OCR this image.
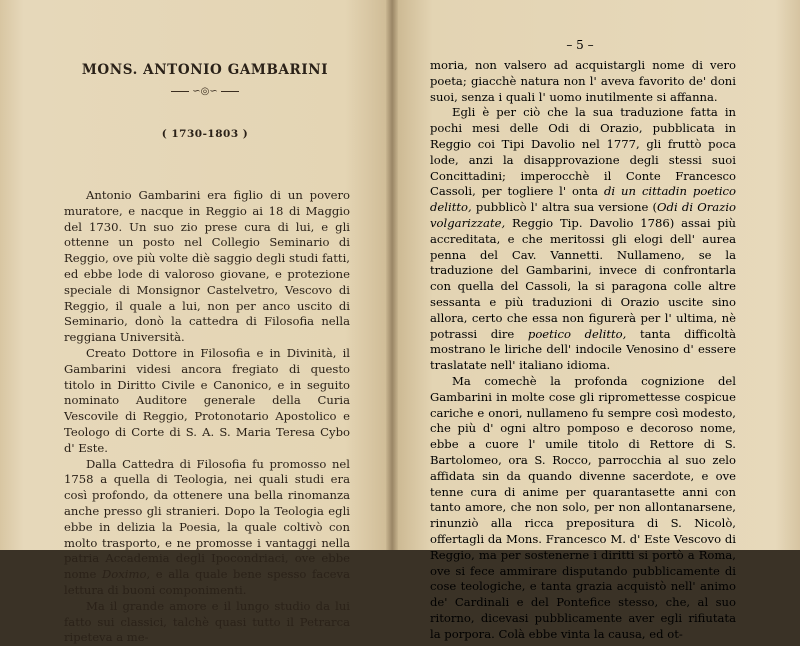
MONS. ANTONIO GAMBARINI
∽◎∽
( 1730-1803 )

Antonio Gambarini era figlio di un povero muratore, e nacque in Reggio ai 18 di Maggio del 1730. Un suo zio prese cura di lui, e gli ottenne un posto nel Collegio Seminario di Reggio, ove più volte diè saggio degli studi fatti, ed ebbe lode di valoroso giovane, e protezione speciale di Monsignor Castelvetro, Vescovo di Reggio, il quale a lui, non per anco uscito di Seminario, donò la cattedra di Filosofia nella reggiana Università.

Creato Dottore in Filosofia e in Divinità, il Gambarini videsi ancora fregiato di questo titolo in Diritto Civile e Canonico, e in seguito nominato Auditore generale della Curia Vescovile di Reggio, Protonotario Apostolico e Teologo di Corte di S. A. S. Maria Teresa Cybo d' Este.

Dalla Cattedra di Filosofia fu promosso nel 1758 a quella di Teologia, nei quali studi era così profondo, da ottenere una bella rinomanza anche presso gli stranieri. Dopo la Teologia egli ebbe in delizia la Poesia, la quale coltivò con molto trasporto, e ne promosse i vantaggi nella patria Accademia degli Ipocondriaci, ove ebbe nome Doximo, e alla quale bene spesso faceva lettura di buoni componimenti.

Ma il grande amore e il lungo studio da lui fatto sui classici, talchè quasi tutto il Petrarca ripeteva a me-

– 5 –

moria, non valsero ad acquistargli nome di vero poeta; giacchè natura non l' aveva favorito de' doni suoi, senza i quali l' uomo inutilmente si affanna.

Egli è per ciò che la sua traduzione fatta in pochi mesi delle Odi di Orazio, pubblicata in Reggio coi Tipi Davolio nel 1777, gli fruttò poca lode, anzi la disapprovazione degli stessi suoi Concittadini; imperocchè il Conte Francesco Cassoli, per togliere l' onta di un cittadin poetico delitto, pubblicò l' altra sua versione (Odi di Orazio volgarizzate, Reggio Tip. Davolio 1786) assai più accreditata, e che meritossi gli elogi dell' aurea penna del Cav. Vannetti. Nullameno, se la traduzione del Gambarini, invece di confrontarla con quella del Cassoli, la si paragona colle altre sessanta e più traduzioni di Orazio uscite sino allora, certo che essa non figurerà per l' ultima, nè potrassi dire poetico delitto, tanta difficoltà mostrano le liriche dell' indocile Venosino d' essere traslatate nell' italiano idioma.

Ma comechè la profonda cognizione del Gambarini in molte cose gli ripromettesse cospicue cariche e onori, nullameno fu sempre così modesto, che più d' ogni altro pomposo e decoroso nome, ebbe a cuore l' umile titolo di Rettore di S. Bartolomeo, ora S. Rocco, parrocchia al suo zelo affidata sin da quando divenne sacerdote, e ove tenne cura di anime per quarantasette anni con tanto amore, che non solo, per non allontanarsene, rinunziò alla ricca prepositura di S. Nicolò, offertagli da Mons. Francesco M. d' Este Vescovo di Reggio, ma per sostenerne i diritti si portò a Roma, ove si fece ammirare disputando pubblicamente di cose teologiche, e tanta grazia acquistò nell' animo de' Cardinali e del Pontefice stesso, che, al suo ritorno, dicevasi pubblicamente aver egli rifiutata la porpora. Colà ebbe vinta la causa, ed ot-
